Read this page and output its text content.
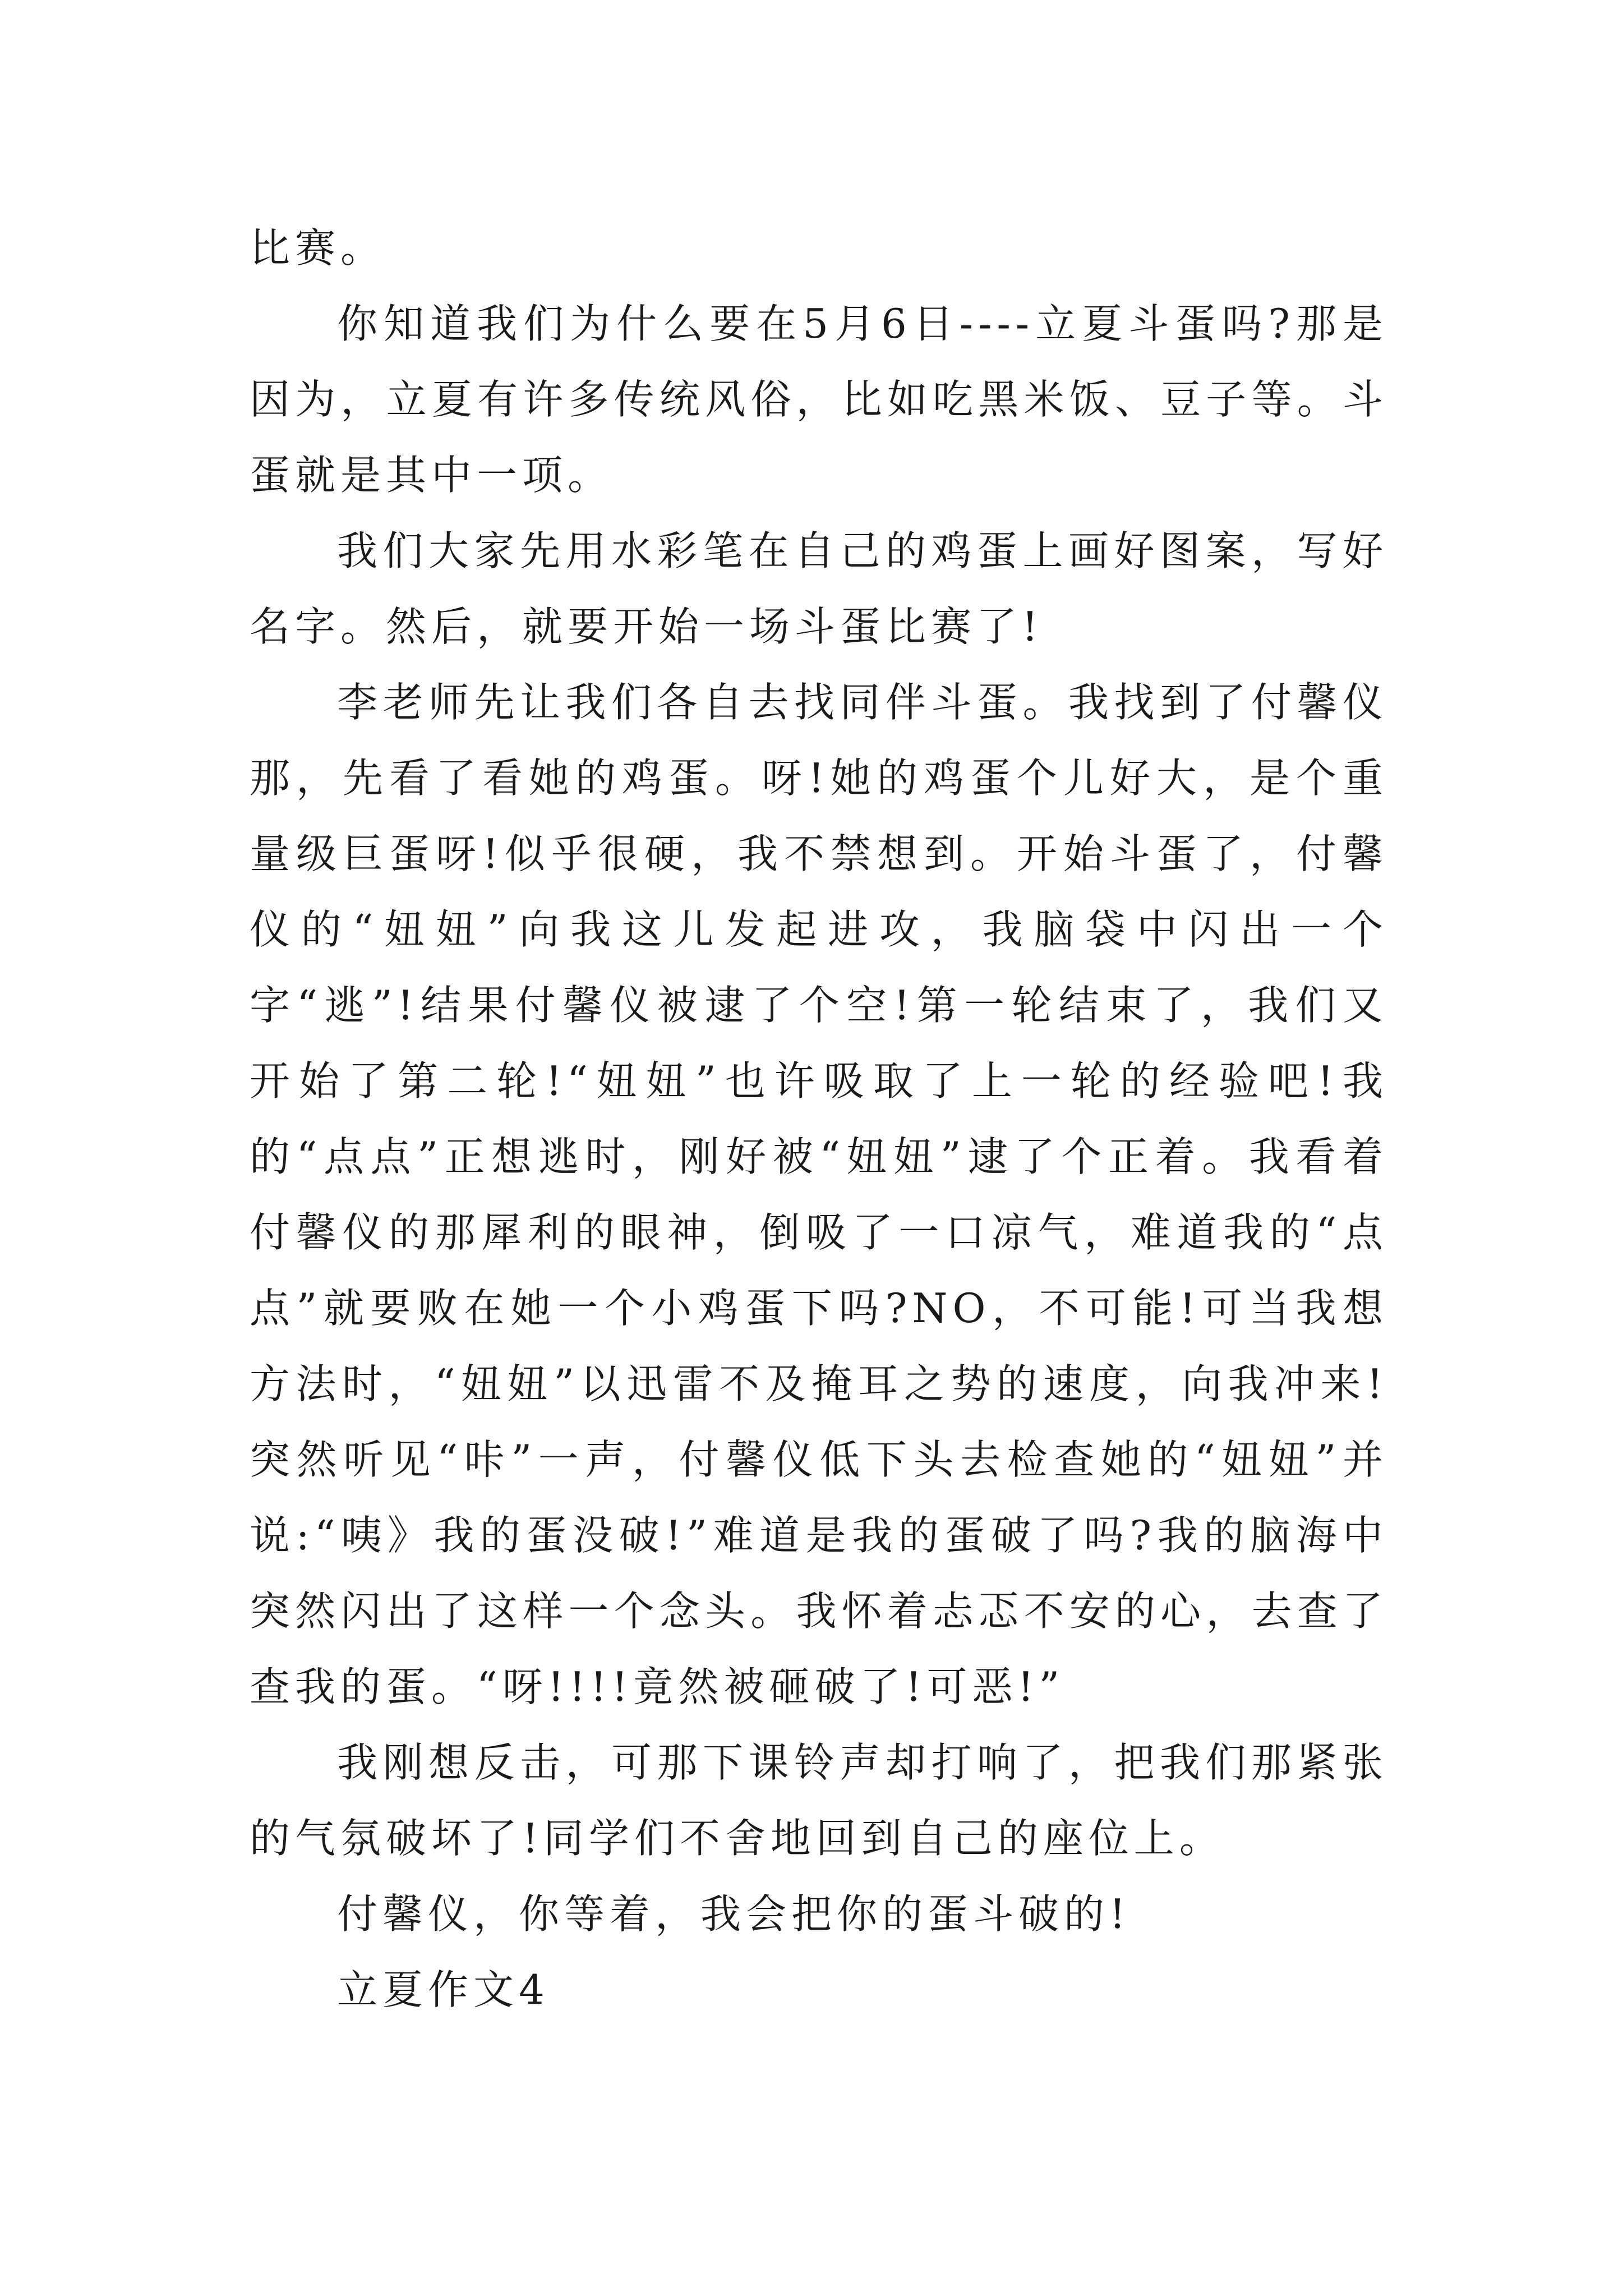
比赛。

你知道我们为什么要在5月6日----立夏斗蛋吗?那是因为，立夏有许多传统风俗，比如吃黑米饭、豆子等。斗蛋就是其中一项。

我们大家先用水彩笔在自己的鸡蛋上画好图案，写好名字。然后，就要开始一场斗蛋比赛了!

李老师先让我们各自去找同伴斗蛋。我找到了付馨仪那，先看了看她的鸡蛋。呀!她的鸡蛋个儿好大，是个重量级巨蛋呀!似乎很硬，我不禁想到。开始斗蛋了，付馨仪的“妞妞”向我这儿发起进攻，我脑袋中闪出一个字“逃”!结果付馨仪被逮了个空!第一轮结束了，我们又开始了第二轮!“妞妞”也许吸取了上一轮的经验吧!我的“点点”正想逃时，刚好被“妞妞”逮了个正着。我看着付馨仪的那犀利的眼神，倒吸了一口凉气，难道我的“点点”就要败在她一个小鸡蛋下吗?NO，不可能!可当我想方法时，“妞妞”以迅雷不及掩耳之势的速度，向我冲来!突然听见“咔”一声，付馨仪低下头去检查她的“妞妞”并说:“咦》我的蛋没破!”难道是我的蛋破了吗?我的脑海中突然闪出了这样一个念头。我怀着忐忑不安的心，去查了查我的蛋。“呀!!!!竟然被砸破了!可恶!”

我刚想反击，可那下课铃声却打响了，把我们那紧张的气氛破坏了!同学们不舍地回到自己的座位上。

付馨仪，你等着，我会把你的蛋斗破的!

立夏作文4
